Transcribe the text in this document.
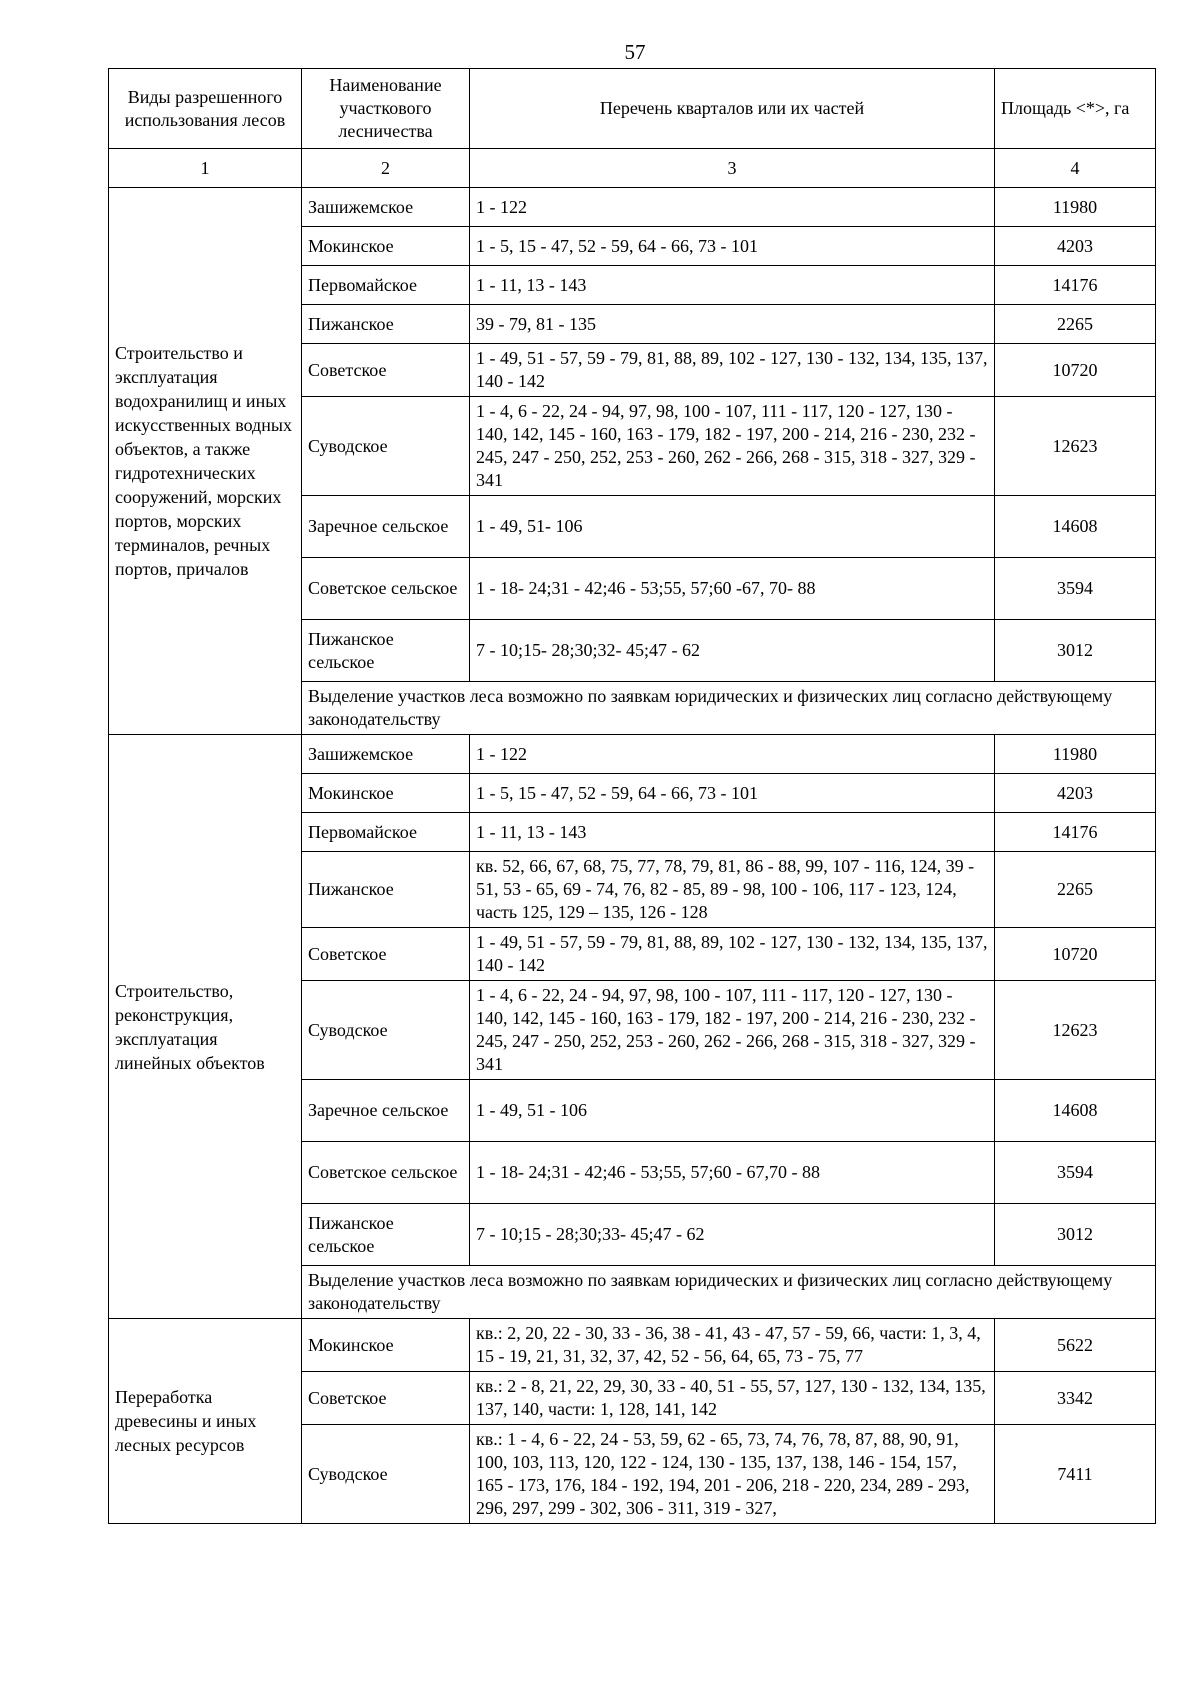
57
Виды разрешенного использования лесов	Наименование участкового лесничества	Перечень кварталов или их частей	Площадь <*>, га
1	2	3	4
Строительство и эксплуатация водохранилищ и иных искусственных водных объектов, а также гидротехнических сооружений, морских портов, морских терминалов, речных портов, причалов	Зашижемское	1 - 122	11980
	Мокинское	1 - 5, 15 - 47, 52 - 59, 64 - 66, 73 - 101	4203
	Первомайское	1 - 11, 13 - 143	14176
	Пижанское	39 - 79, 81 - 135	2265
	Советское	1 - 49, 51 - 57, 59 - 79, 81, 88, 89, 102 - 127, 130 - 132, 134, 135, 137, 140 - 142	10720
	Суводское	1 - 4, 6 - 22, 24 - 94, 97, 98, 100 - 107, 111 - 117, 120 - 127, 130 - 140, 142, 145 - 160, 163 - 179, 182 - 197, 200 - 214, 216 - 230, 232 - 245, 247 - 250, 252, 253 - 260, 262 - 266, 268 - 315, 318 - 327, 329 - 341	12623
	Заречное сельское	1 - 49, 51- 106	14608
	Советское сельское	1 - 18- 24;31 - 42;46 - 53;55, 57;60 -67, 70- 88	3594
	Пижанское сельское	7 - 10;15- 28;30;32- 45;47 - 62	3012
	Выделение участков леса возможно по заявкам юридических и физических лиц согласно действующему законодательству		
Строительство, реконструкция, эксплуатация линейных объектов	Зашижемское	1 - 122	11980
	Мокинское	1 - 5, 15 - 47, 52 - 59, 64 - 66, 73 - 101	4203
	Первомайское	1 - 11, 13 - 143	14176
	Пижанское	кв. 52, 66, 67, 68, 75, 77, 78, 79, 81, 86 - 88, 99, 107 - 116, 124, 39 - 51, 53 - 65, 69 - 74, 76, 82 - 85, 89 - 98, 100 - 106, 117 - 123, 124, часть 125, 129 – 135, 126 - 128	2265
	Советское	1 - 49, 51 - 57, 59 - 79, 81, 88, 89, 102 - 127, 130 - 132, 134, 135, 137, 140 - 142	10720
	Суводское	1 - 4, 6 - 22, 24 - 94, 97, 98, 100 - 107, 111 - 117, 120 - 127, 130 - 140, 142, 145 - 160, 163 - 179, 182 - 197, 200 - 214, 216 - 230, 232 - 245, 247 - 250, 252, 253 - 260, 262 - 266, 268 - 315, 318 - 327, 329 - 341	12623
	Заречное сельское	1 - 49, 51 - 106	14608
	Советское сельское	1 - 18- 24;31 - 42;46 - 53;55, 57;60 - 67,70 - 88	3594
	Пижанское сельское	7 - 10;15 - 28;30;33- 45;47 - 62	3012
	Выделение участков леса возможно по заявкам юридических и физических лиц согласно действующему законодательству		
Переработка древесины и иных лесных ресурсов	Мокинское	кв.: 2, 20, 22 - 30, 33 - 36, 38 - 41, 43 - 47, 57 - 59, 66, части: 1, 3, 4, 15 - 19, 21, 31, 32, 37, 42, 52 - 56, 64, 65, 73 - 75, 77	5622
	Советское	кв.: 2 - 8, 21, 22, 29, 30, 33 - 40, 51 - 55, 57, 127, 130 - 132, 134, 135, 137, 140, части: 1, 128, 141, 142	3342
	Суводское	кв.: 1 - 4, 6 - 22, 24 - 53, 59, 62 - 65, 73, 74, 76, 78, 87, 88, 90, 91, 100, 103, 113, 120, 122 - 124, 130 - 135, 137, 138, 146 - 154, 157, 165 - 173, 176, 184 - 192, 194, 201 - 206, 218 - 220, 234, 289 - 293, 296, 297, 299 - 302, 306 - 311, 319 - 327,	7411
